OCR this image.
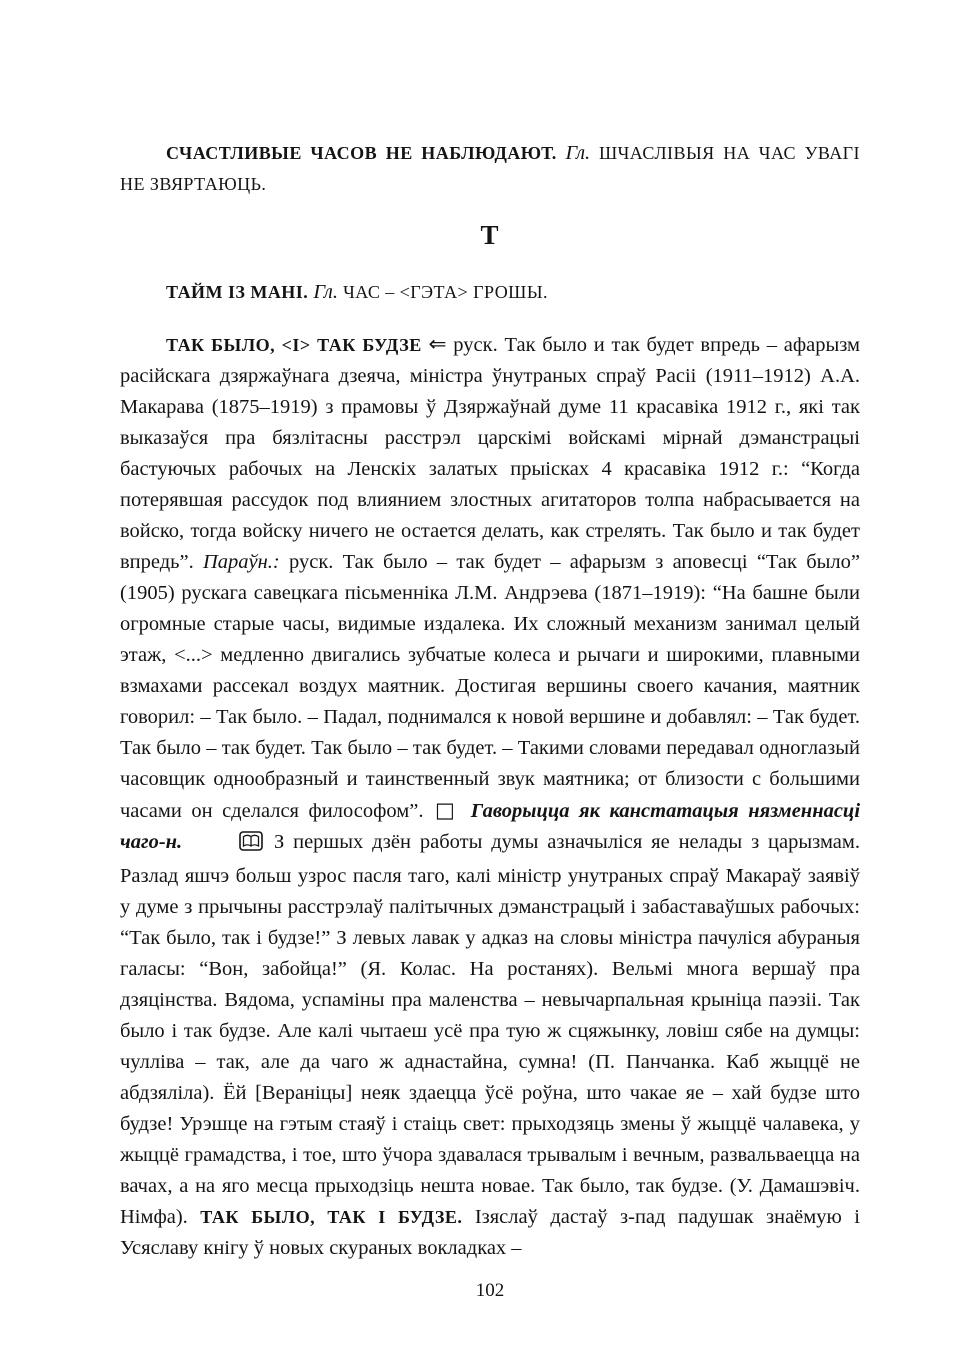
СЧАСТЛИВЫЕ ЧАСОВ НЕ НАБЛЮДАЮТ. Гл. ШЧАСЛІВЫЯ НА ЧАС УВАГІ НЕ ЗВЯРТАЮЦЬ.

Т

ТАЙМ ІЗ МАНІ. Гл. ЧАС – <ГЭТА> ГРОШЫ.

ТАК БЫЛО, <І> ТАК БУДЗЕ ⇐ руск. Так было и так будет впредь – афарызм расійскага дзяржаўнага дзеяча, міністра ўнутраных спраў Расіі (1911–1912) А.А. Макарава (1875–1919) з прамовы ў Дзяржаўнай думе 11 красавіка 1912 г., які так выказаўся пра бязлітасны расстрэл царскімі войскамі мірнай дэманстрацыі бастуючых рабочых на Ленскіх залатых прыісках 4 красавіка 1912 г.: “Когда потерявшая рассудок под влиянием злостных агитаторов толпа набрасывается на войско, тогда войску ничего не остается делать, как стрелять. Так было и так будет впредь”. Параўн.: руск. Так было – так будет – афарызм з аповесці “Так было” (1905) рускага савецкага пісьменніка Л.М. Андрэева (1871–1919): “На башне были огромные старые часы, видимые издалека. Их сложный механизм занимал целый этаж, <...> медленно двигались зубчатые колеса и рычаги и широкими, плавными взмахами рассекал воздух маятник. Достигая вершины своего качания, маятник говорил: – Так было. – Падал, поднимался к новой вершине и добавлял: – Так будет. Так было – так будет. Так было – так будет. – Такими словами передавал одноглазый часовщик однообразный и таинственный звук маятника; от близости с большими часами он сделался философом”. □ Гаворыцца як канстатацыя нязменнасці чаго-н.	З першых дзён работы думы азначыліся яе нелады з царызмам. Разлад яшчэ больш узрос пасля таго, калі міністр унутраных спраў Макараў заявіў у думе з прычыны расстрэлаў палітычных дэманстрацый і забаставаўшых рабочых: “Так было, так і будзе!” З левых лавак у адказ на словы міністра пачуліся абураныя галасы: “Вон, забойца!” (Я. Колас. На ростанях). Вельмі многа вершаў пра дзяцінства. Вядома, успаміны пра маленства – невычарпальная крыніца паэзіі. Так было і так будзе. Але калі чытаеш усё пра тую ж сцяжынку, ловіш сябе на думцы: чулліва – так, але да чаго ж аднастайна, сумна! (П. Панчанка. Каб жыццё не абдзяліла). Ёй [Вераніцы] неяк здаецца ўсё роўна, што чакае яе – хай будзе што будзе! Урэшце на гэтым стаяў і стаіць свет: прыходзяць змены ў жыццё чалавека, у жыццё грамадства, і тое, што ўчора здавалася трывалым і вечным, развальваецца на вачах, а на яго месца прыходзіць нешта новае. Так было, так будзе. (У. Дамашэвіч. Німфа). ТАК БЫЛО, ТАК І БУДЗЕ. Ізяслаў дастаў з-пад падушак знаёмую і Усяславу кнігу ў новых скураных вокладках –

102
